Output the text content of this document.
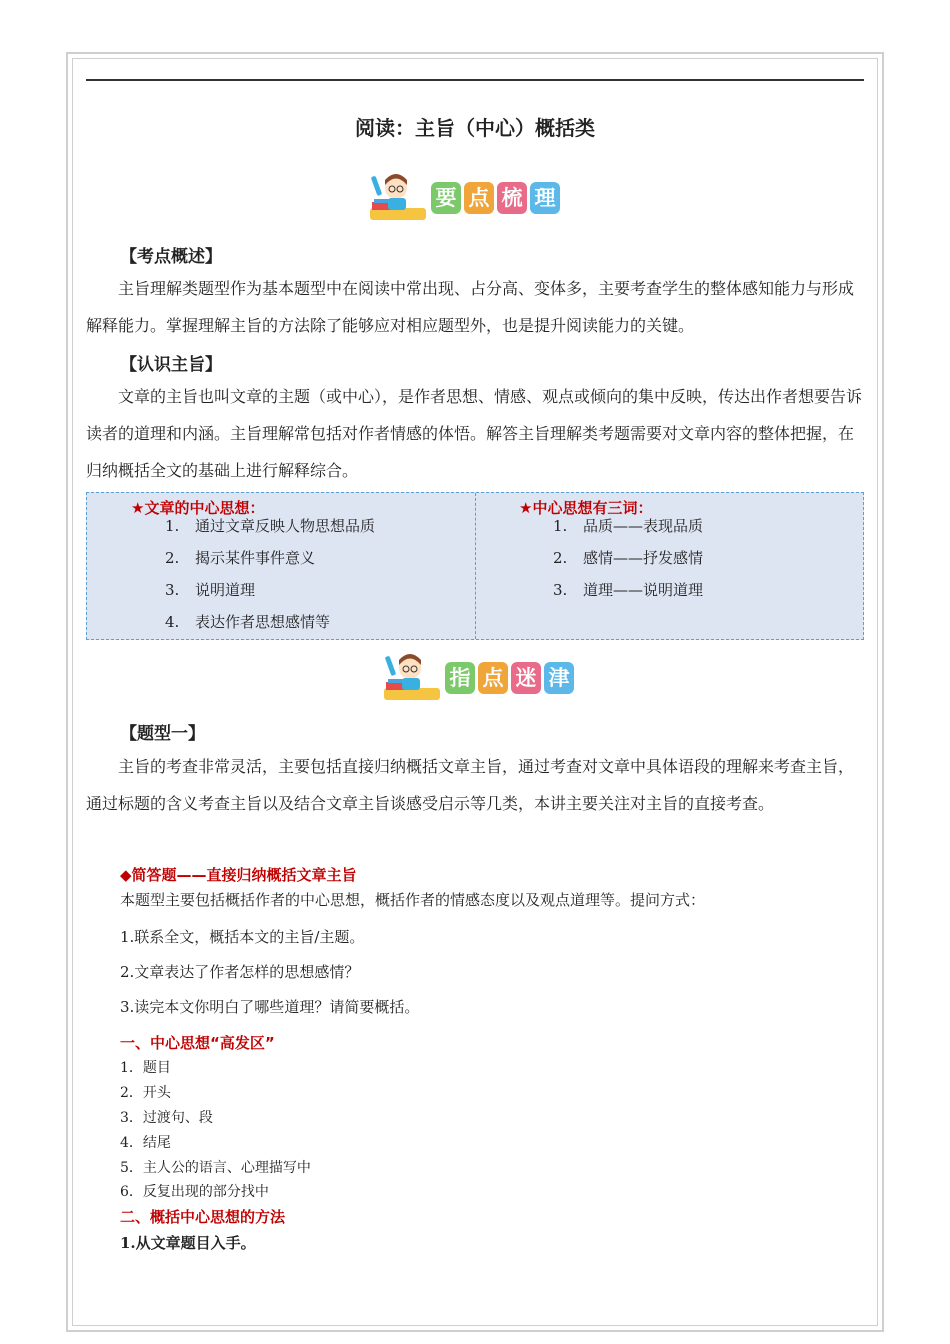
阅读：主旨（中心）概括类
要 点 梳 理
【考点概述】
主旨理解类题型作为基本题型中在阅读中常出现、占分高、变体多，主要考查学生的整体感知能力与形成解释能力。掌握理解主旨的方法除了能够应对相应题型外，也是提升阅读能力的关键。
【认识主旨】
文章的主旨也叫文章的主题（或中心），是作者思想、情感、观点或倾向的集中反映，传达出作者想要告诉读者的道理和内涵。主旨理解常包括对作者情感的体悟。解答主旨理解类考题需要对文章内容的整体把握，在归纳概括全文的基础上进行解释综合。
★文章的中心思想：
1. 通过文章反映人物思想品质
2. 揭示某件事件意义
3. 说明道理
4. 表达作者思想感情等
★中心思想有三词：
1. 品质——表现品质
2. 感情——抒发感情
3. 道理——说明道理
指 点 迷 津
【题型一】
主旨的考查非常灵活，主要包括直接归纳概括文章主旨，通过考查对文章中具体语段的理解来考查主旨，通过标题的含义考查主旨以及结合文章主旨谈感受启示等几类，本讲主要关注对主旨的直接考查。
◆简答题——直接归纳概括文章主旨
本题型主要包括概括作者的中心思想，概括作者的情感态度以及观点道理等。提问方式：
1.联系全文，概括本文的主旨/主题。
2.文章表达了作者怎样的思想感情？
3.读完本文你明白了哪些道理？请简要概括。
一、中心思想“高发区”
1．题目
2．开头
3．过渡句、段
4．结尾
5．主人公的语言、心理描写中
6．反复出现的部分找中
二、概括中心思想的方法
1.从文章题目入手。
